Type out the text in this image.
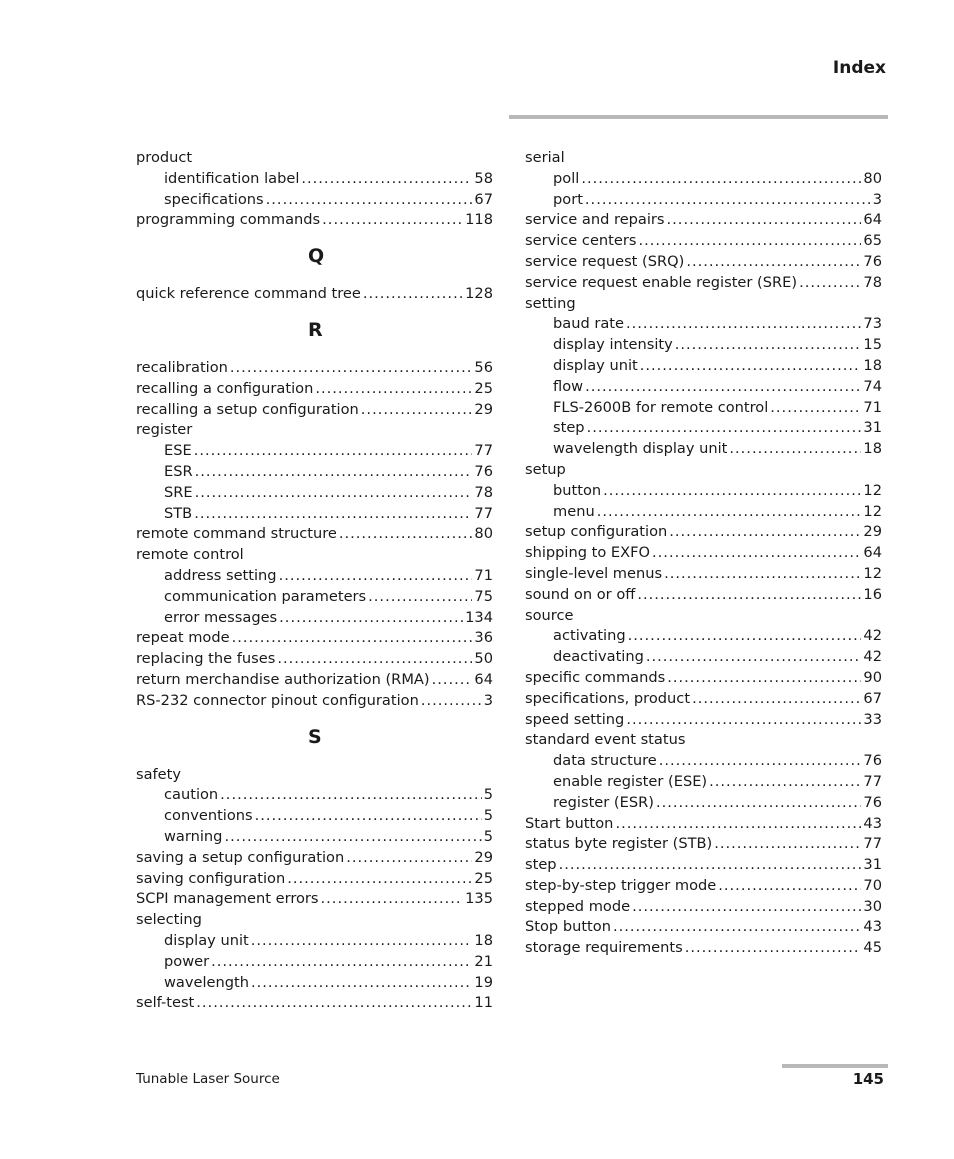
Index
product
identification label .....	58
specifications .....	67
programming commands .....	118
Q
quick reference command tree .....	128
R
recalibration .....	56
recalling a configuration .....	25
recalling a setup configuration .....	29
register
ESE .....	77
ESR .....	76
SRE .....	78
STB .....	77
remote command structure .....	80
remote control
address setting .....	71
communication parameters .....	75
error messages .....	134
repeat mode .....	36
replacing the fuses .....	50
return merchandise authorization (RMA) .....	64
RS-232 connector pinout configuration .....	3
S
safety
caution .....	5
conventions .....	5
warning .....	5
saving a setup configuration .....	29
saving configuration .....	25
SCPI management errors .....	135
selecting
display unit .....	18
power .....	21
wavelength .....	19
self-test .....	11
serial
poll .....	80
port .....	3
service and repairs .....	64
service centers .....	65
service request (SRQ) .....	76
service request enable register (SRE) .....	78
setting
baud rate .....	73
display intensity .....	15
display unit .....	18
flow .....	74
FLS-2600B for remote control .....	71
step .....	31
wavelength display unit .....	18
setup
button .....	12
menu .....	12
setup configuration .....	29
shipping to EXFO .....	64
single-level menus .....	12
sound on or off .....	16
source
activating .....	42
deactivating .....	42
specific commands .....	90
specifications, product .....	67
speed setting .....	33
standard event status
data structure .....	76
enable register (ESE) .....	77
register (ESR) .....	76
Start button .....	43
status byte register (STB) .....	77
step .....	31
step-by-step trigger mode .....	70
stepped mode .....	30
Stop button .....	43
storage requirements .....	45
Tunable Laser Source	145
